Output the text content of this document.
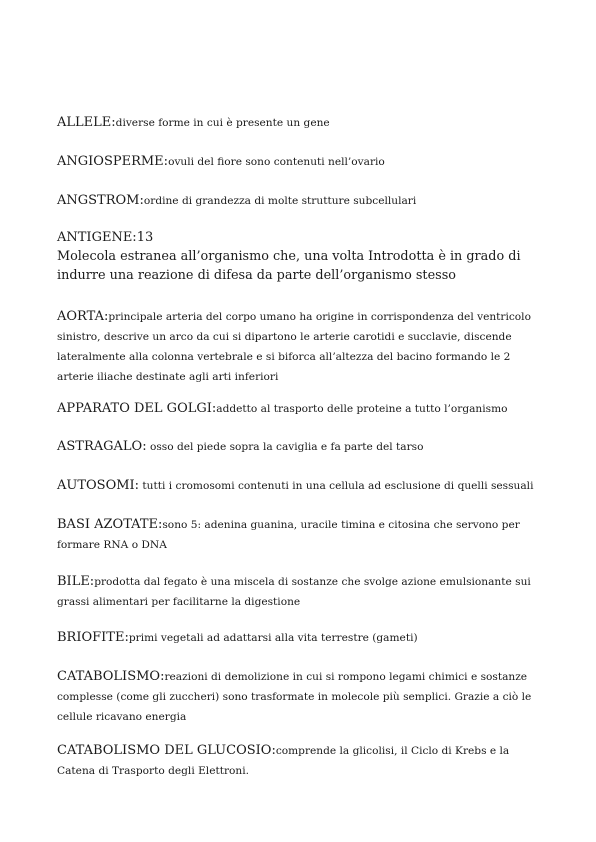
ALLELE:diverse forme in cui è presente un gene

ANGIOSPERME:ovuli del fiore sono contenuti nell’ovario

ANGSTROM:ordine di grandezza di molte strutture subcellulari

ANTIGENE:13
Molecola estranea all’organismo che, una volta Introdotta è in grado di indurre una reazione di difesa da parte dell’organismo stesso

AORTA:principale arteria del corpo umano ha origine in corrispondenza del ventricolo sinistro, descrive un arco da cui si dipartono le arterie carotidi e succlavie, discende lateralmente alla colonna vertebrale e si biforca all’altezza del bacino formando le 2 arterie iliache destinate agli arti inferiori

APPARATO DEL GOLGI:addetto al trasporto delle proteine a tutto l’organismo

ASTRAGALO: osso del piede sopra la caviglia e fa parte del tarso

AUTOSOMI: tutti i cromosomi contenuti in una cellula ad esclusione di quelli sessuali

BASI AZOTATE:sono 5: adenina guanina, uracile timina e citosina che servono per formare RNA o DNA

BILE:prodotta dal fegato è una miscela di sostanze che svolge azione emulsionante sui grassi alimentari per facilitarne la digestione

BRIOFITE:primi vegetali ad adattarsi alla vita terrestre (gameti)

CATABOLISMO:reazioni di demolizione in cui si rompono legami chimici e sostanze complesse (come gli zuccheri) sono trasformate in molecole più semplici. Grazie a ciò le cellule ricavano energia

CATABOLISMO DEL GLUCOSIO:comprende la glicolisi, il Ciclo di Krebs e la Catena di Trasporto degli Elettroni.
